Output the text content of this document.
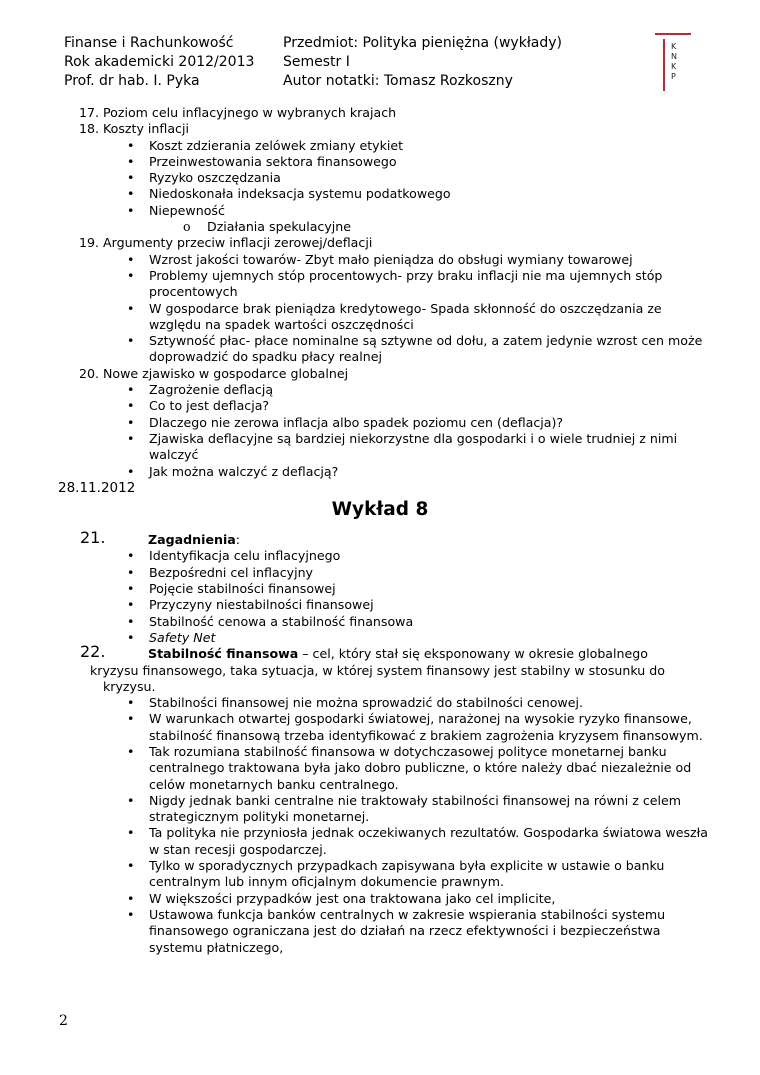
Finanse i Rachunkowość
Rok akademicki 2012/2013
Prof. dr hab. I. Pyka
Przedmiot: Polityka pieniężna (wykłady)
Semestr I
Autor notatki: Tomasz Rozkoszny
K
N
K
P
17. Poziom celu inflacyjnego w wybranych krajach
18. Koszty inflacji
• Koszt zdzierania zelówek zmiany etykiet
• Przeinwestowania sektora finansowego
• Ryzyko oszczędzania
• Niedoskonała indeksacja systemu podatkowego
• Niepewność
o Działania spekulacyjne
19. Argumenty przeciw inflacji zerowej/deflacji
• Wzrost jakości towarów- Zbyt mało pieniądza do obsługi wymiany towarowej
• Problemy ujemnych stóp procentowych- przy braku inflacji nie ma ujemnych stóp procentowych
• W gospodarce brak pieniądza kredytowego- Spada skłonność do oszczędzania ze względu na spadek wartości oszczędności
• Sztywność płac- płace nominalne są sztywne od dołu, a zatem jedynie wzrost cen może doprowadzić do spadku płacy realnej
20. Nowe zjawisko w gospodarce globalnej
• Zagrożenie deflacją
• Co to jest deflacja?
• Dlaczego nie zerowa inflacja albo spadek poziomu cen (deflacja)?
• Zjawiska deflacyjne są bardziej niekorzystne dla gospodarki i o wiele trudniej z nimi walczyć
• Jak można walczyć z deflacją?
28.11.2012
Wykład 8
21.	Zagadnienia:
• Identyfikacja celu inflacyjnego
• Bezpośredni cel inflacyjny
• Pojęcie stabilności finansowej
• Przyczyny niestabilności finansowej
• Stabilność cenowa a stabilność finansowa
• Safety Net
22.	Stabilność finansowa – cel, który stał się eksponowany w okresie globalnego
kryzysu finansowego, taka sytuacja, w której system finansowy jest stabilny w stosunku do
kryzysu.
• Stabilności finansowej nie można sprowadzić do stabilności cenowej.
• W warunkach otwartej gospodarki światowej, narażonej na wysokie ryzyko finansowe, stabilność finansową trzeba identyfikować z brakiem zagrożenia kryzysem finansowym.
• Tak rozumiana stabilność finansowa w dotychczasowej polityce monetarnej banku centralnego traktowana była jako dobro publiczne, o które należy dbać niezależnie od celów monetarnych banku centralnego.
• Nigdy jednak banki centralne nie traktowały stabilności finansowej na równi z celem strategicznym polityki monetarnej.
• Ta polityka nie przyniosła jednak oczekiwanych rezultatów. Gospodarka światowa weszła w stan recesji gospodarczej.
• Tylko w sporadycznych przypadkach zapisywana była explicite w ustawie o banku centralnym lub innym oficjalnym dokumencie prawnym.
• W większości przypadków jest ona traktowana jako cel implicite,
• Ustawowa funkcja banków centralnych w zakresie wspierania stabilności systemu finansowego ograniczana jest do działań na rzecz efektywności i bezpieczeństwa systemu płatniczego,
2
